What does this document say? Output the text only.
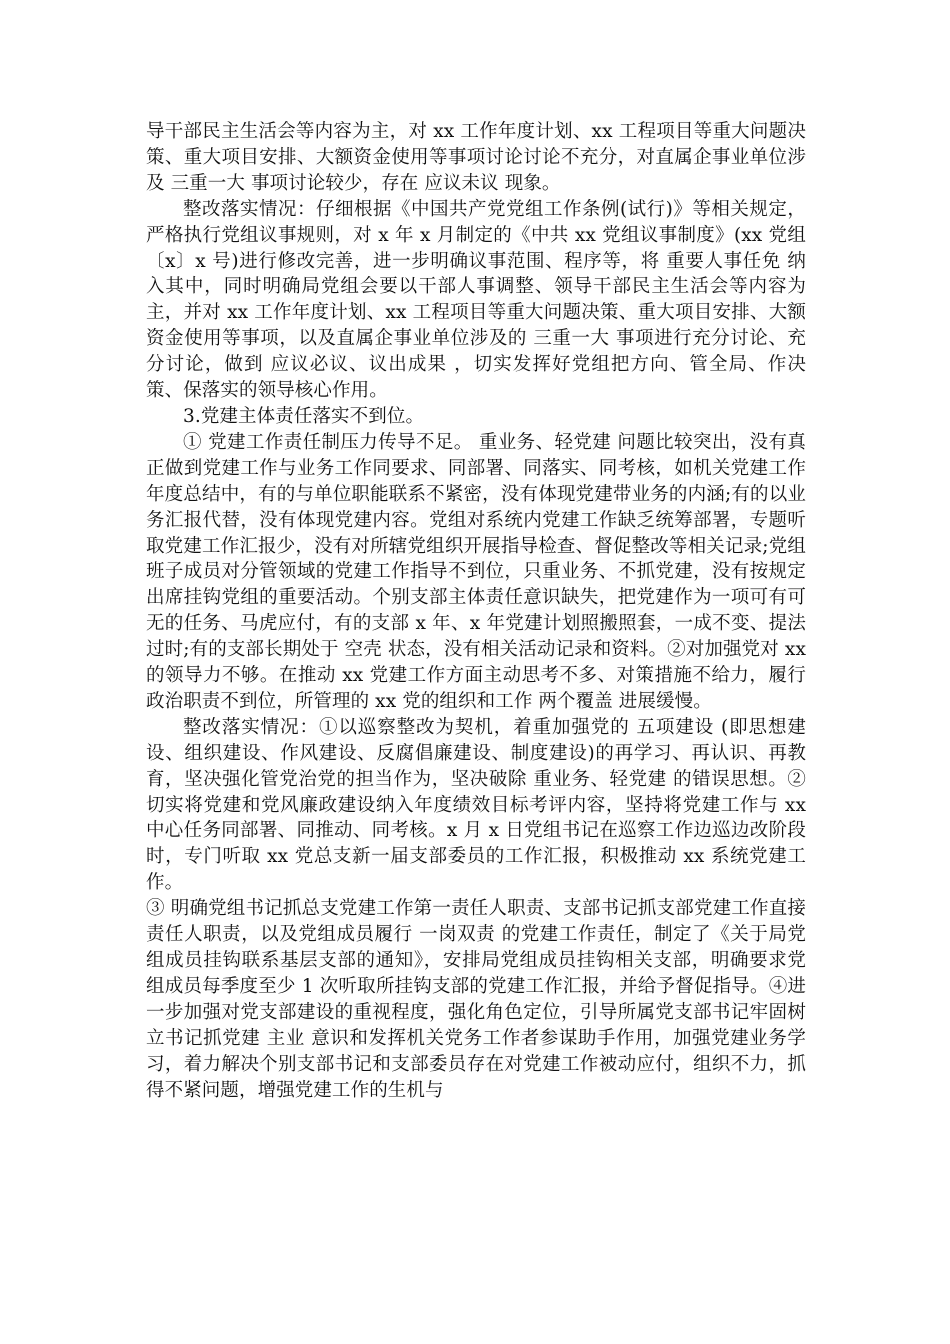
导干部民主生活会等内容为主，对 xx 工作年度计划、xx 工程项目等重大问题决策、重大项目安排、大额资金使用等事项讨论讨论不充分，对直属企事业单位涉及 三重一大 事项讨论较少，存在 应议未议 现象。

整改落实情况：仔细根据《中国共产党党组工作条例(试行)》等相关规定，严格执行党组议事规则，对 x 年 x 月制定的《中共 xx 党组议事制度》(xx 党组〔x〕x 号)进行修改完善，进一步明确议事范围、程序等，将 重要人事任免 纳入其中，同时明确局党组会要以干部人事调整、领导干部民主生活会等内容为主，并对 xx 工作年度计划、xx 工程项目等重大问题决策、重大项目安排、大额资金使用等事项，以及直属企事业单位涉及的 三重一大 事项进行充分讨论、充分讨论，做到 应议必议、议出成果 ，切实发挥好党组把方向、管全局、作决策、保落实的领导核心作用。

3.党建主体责任落实不到位。

① 党建工作责任制压力传导不足。 重业务、轻党建 问题比较突出，没有真正做到党建工作与业务工作同要求、同部署、同落实、同考核，如机关党建工作年度总结中，有的与单位职能联系不紧密，没有体现党建带业务的内涵;有的以业务汇报代替，没有体现党建内容。党组对系统内党建工作缺乏统筹部署，专题听取党建工作汇报少，没有对所辖党组织开展指导检查、督促整改等相关记录;党组班子成员对分管领域的党建工作指导不到位，只重业务、不抓党建，没有按规定出席挂钩党组的重要活动。个别支部主体责任意识缺失，把党建作为一项可有可无的任务、马虎应付，有的支部 x 年、x 年党建计划照搬照套，一成不变、提法过时;有的支部长期处于 空壳 状态，没有相关活动记录和资料。②对加强党对 xx 的领导力不够。在推动 xx 党建工作方面主动思考不多、对策措施不给力，履行政治职责不到位，所管理的 xx 党的组织和工作 两个覆盖 进展缓慢。

整改落实情况：①以巡察整改为契机，着重加强党的 五项建设 (即思想建设、组织建设、作风建设、反腐倡廉建设、制度建设)的再学习、再认识、再教育，坚决强化管党治党的担当作为，坚决破除 重业务、轻党建 的错误思想。②切实将党建和党风廉政建设纳入年度绩效目标考评内容，坚持将党建工作与 xx 中心任务同部署、同推动、同考核。x 月 x 日党组书记在巡察工作边巡边改阶段时，专门听取 xx 党总支新一届支部委员的工作汇报，积极推动 xx 系统党建工作。

③ 明确党组书记抓总支党建工作第一责任人职责、支部书记抓支部党建工作直接责任人职责，以及党组成员履行 一岗双责 的党建工作责任，制定了《关于局党组成员挂钩联系基层支部的通知》，安排局党组成员挂钩相关支部，明确要求党组成员每季度至少 1 次听取所挂钩支部的党建工作汇报，并给予督促指导。④进一步加强对党支部建设的重视程度，强化角色定位，引导所属党支部书记牢固树立书记抓党建 主业 意识和发挥机关党务工作者参谋助手作用，加强党建业务学习，着力解决个别支部书记和支部委员存在对党建工作被动应付，组织不力，抓得不紧问题，增强党建工作的生机与
